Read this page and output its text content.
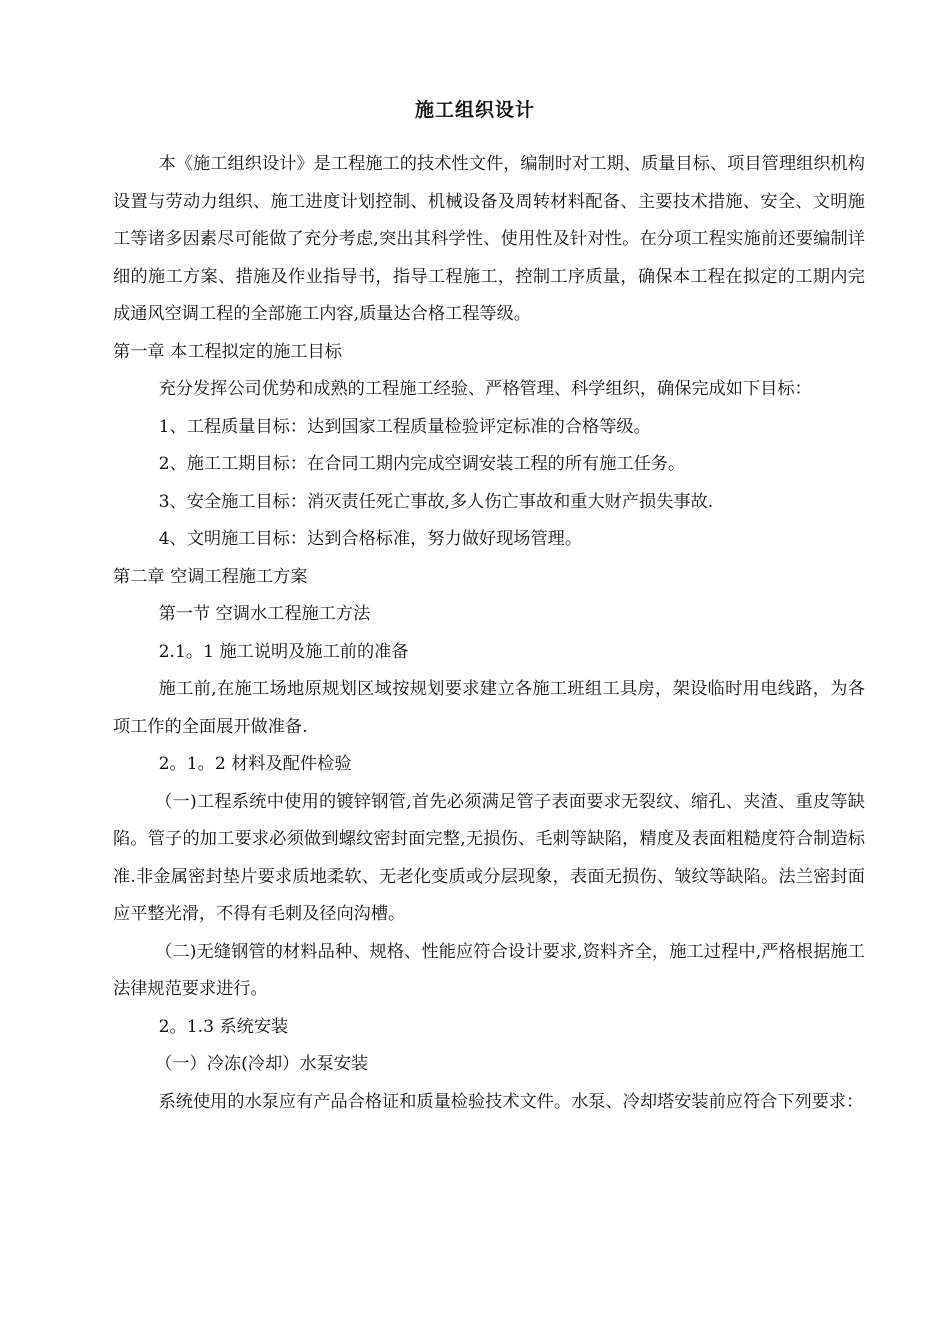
施工组织设计

本《施工组织设计》是工程施工的技术性文件，编制时对工期、质量目标、项目管理组织机构设置与劳动力组织、施工进度计划控制、机械设备及周转材料配备、主要技术措施、安全、文明施工等诸多因素尽可能做了充分考虑,突出其科学性、使用性及针对性。在分项工程实施前还要编制详细的施工方案、措施及作业指导书，指导工程施工，控制工序质量，确保本工程在拟定的工期内完成通风空调工程的全部施工内容,质量达合格工程等级。

第一章 本工程拟定的施工目标

充分发挥公司优势和成熟的工程施工经验、严格管理、科学组织，确保完成如下目标：

1、工程质量目标：达到国家工程质量检验评定标准的合格等级。

2、施工工期目标：在合同工期内完成空调安装工程的所有施工任务。

3、安全施工目标：消灭责任死亡事故,多人伤亡事故和重大财产损失事故.

4、文明施工目标：达到合格标准，努力做好现场管理。

第二章 空调工程施工方案

第一节 空调水工程施工方法

2.1。1 施工说明及施工前的准备

施工前,在施工场地原规划区域按规划要求建立各施工班组工具房，架设临时用电线路，为各项工作的全面展开做准备.

2。1。2 材料及配件检验

（一)工程系统中使用的镀锌钢管,首先必须满足管子表面要求无裂纹、缩孔、夹渣、重皮等缺陷。管子的加工要求必须做到螺纹密封面完整,无损伤、毛刺等缺陷，精度及表面粗糙度符合制造标准.非金属密封垫片要求质地柔软、无老化变质或分层现象，表面无损伤、皱纹等缺陷。法兰密封面应平整光滑，不得有毛刺及径向沟槽。

（二)无缝钢管的材料品种、规格、性能应符合设计要求,资料齐全，施工过程中,严格根据施工法律规范要求进行。

2。1.3 系统安装

（一）冷冻(冷却）水泵安装

系统使用的水泵应有产品合格证和质量检验技术文件。水泵、冷却塔安装前应符合下列要求：
